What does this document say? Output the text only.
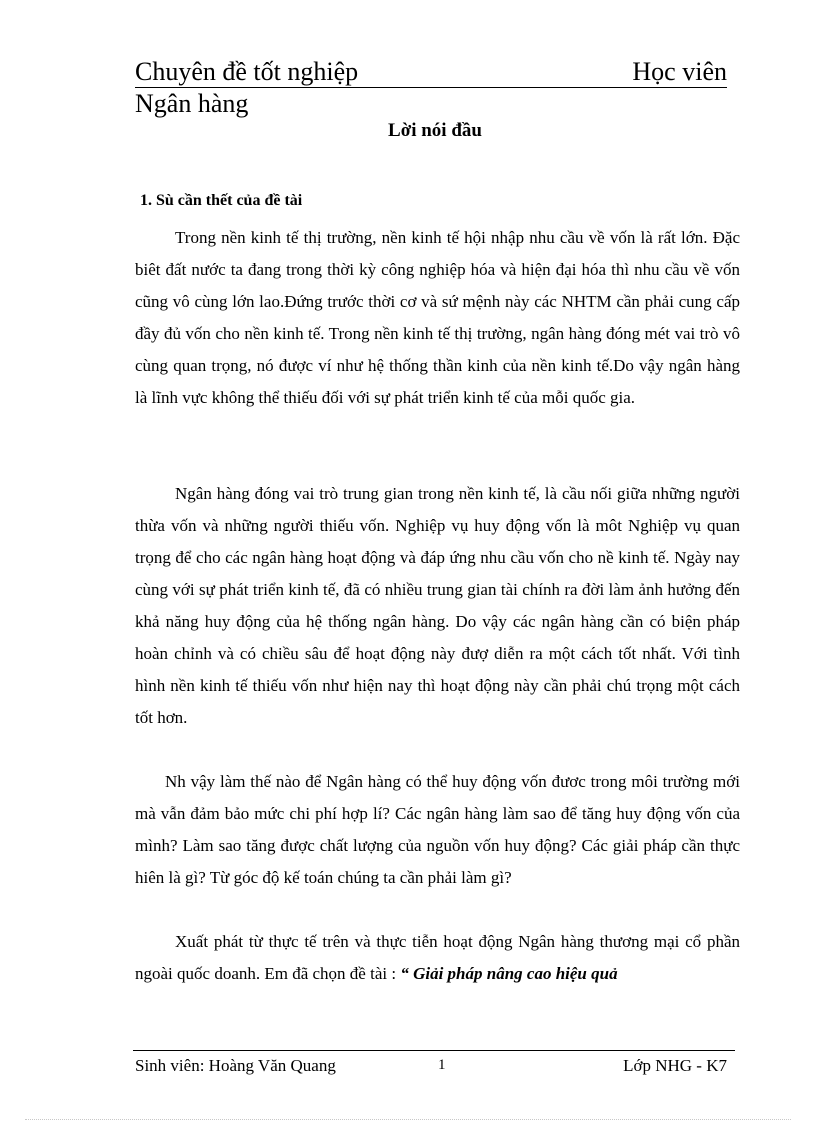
Chuyên đề tốt nghiệp	Học viên
Ngân hàng
Lời nói đầu
1. Sù cần thết của đề tài

Trong nền kinh tế thị trường, nền kinh tế hội nhập nhu cầu về vốn là rất lớn. Đặc biêt đất nước ta đang trong thời kỳ công nghiệp hóa và hiện đại hóa thì nhu cầu về vốn cũng vô cùng lớn lao.Đứng trước thời cơ và sứ mệnh này các NHTM cần phải cung cấp đầy đủ vốn cho nền kinh tế. Trong nền kinh tế thị trường, ngân hàng đóng mét vai trò vô cùng quan trọng, nó được ví như hệ thống thần kinh của nền kinh tế.Do vậy ngân hàng là lĩnh vực không thể thiếu đối với sự phát triển kinh tế của mỗi quốc gia.

Ngân hàng đóng vai trò trung gian trong nền kinh tế, là cầu nối giữa những người thừa vốn và những người thiếu vốn. Nghiệp vụ huy động vốn là môt Nghiệp vụ quan trọng để cho các ngân hàng hoạt động và đáp ứng nhu cầu vốn cho nề kinh tế. Ngày nay cùng với sự phát triển kinh tế, đã có nhiều trung gian tài chính ra đời làm ảnh hưởng đến khả năng huy động của hệ thống ngân hàng. Do vậy các ngân hàng cần có biện pháp hoàn chỉnh và có chiều sâu để hoạt động này đượ diễn ra một cách tốt nhất. Với tình hình nền kinh tế thiếu vốn như hiện nay thì hoạt động này cần phải chú trọng một cách tốt hơn.

Nh vậy làm thế nào để Ngân hàng có thể huy động vốn đươc trong môi trường mới mà vẫn đảm bảo mức chi phí hợp lí? Các ngân hàng làm sao để tăng huy động vốn của mình? Làm sao tăng được chất lượng của nguồn vốn huy động? Các giải pháp cần thực hiên là gì? Từ góc độ kế toán chúng ta cần phải làm gì?

Xuất phát từ thực tế trên và thực tiễn hoạt động Ngân hàng thương mại cổ phần ngoài quốc doanh. Em đã chọn đề tài : “ Giải pháp nâng cao hiệu quả

Sinh viên: Hoàng Văn Quang	1	Lớp NHG - K7
